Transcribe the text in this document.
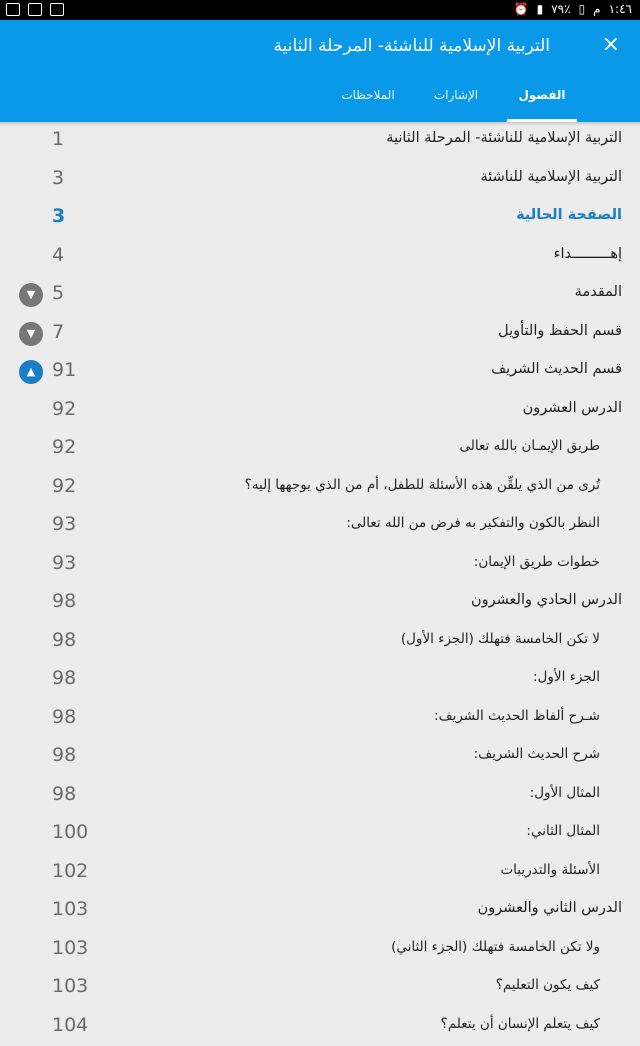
⏰ ▮ ٧٩٪ ▯ م ١:٤٦
التربية الإسلامية للناشئة- المرحلة الثانية ×
الفصول
الإشارات
الملاحظات
التربية الإسلامية للناشئة- المرحلة الثانية
1
التربية الإسلامية للناشئة
3
الصفحة الحالية
3
إهـــــــــداء
4
المقدمة
5
▼
قسم الحفظ والتأويل
7
▼
قسم الحديث الشريف
91
▲
الدرس العشرون
92
طريق الإيمـان بالله تعالى
92
تُرى من الذي يلقِّن هذه الأسئلة للطفل، أم من الذي يوجهها إليه؟
92
النظر بالكون والتفكير به فرض من الله تعالى:
93
خطوات طريق الإيمان:
93
الدرس الحادي والعشرون
98
لا تكن الخامسة فتهلك (الجزء الأول)
98
الجزء الأول:
98
شـرح ألفاظ الحديث الشريف:
98
شرح الحديث الشريف:
98
المثال الأول:
98
المثال الثاني:
100
الأسئلة والتدريبات
102
الدرس الثاني والعشرون
103
ولا تكن الخامسة فتهلك (الجزء الثاني)
103
كيف يكون التعليم؟
103
كيف يتعلم الإنسان أن يتعلم؟
104
